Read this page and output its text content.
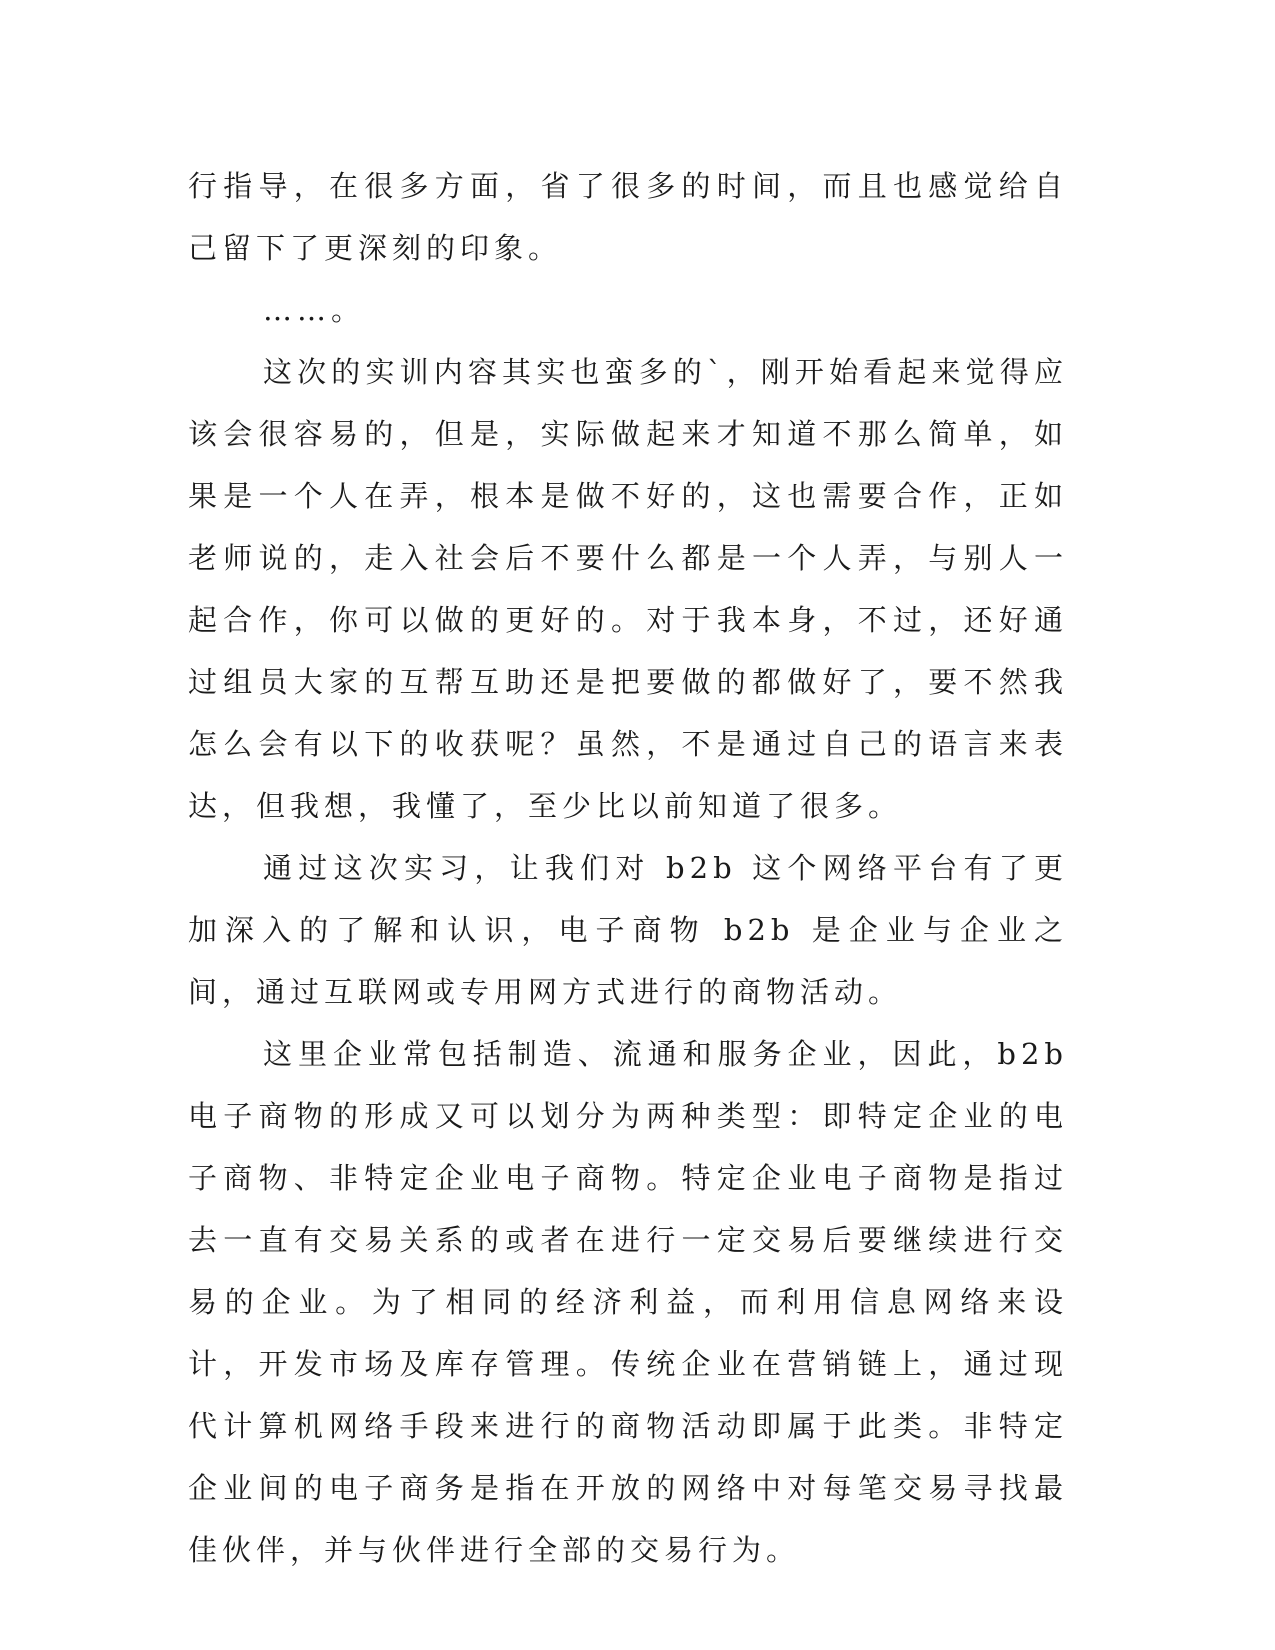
行指导，在很多方面，省了很多的时间，而且也感觉给自己留下了更深刻的印象。

……。

这次的实训内容其实也蛮多的`，刚开始看起来觉得应该会很容易的，但是，实际做起来才知道不那么简单，如果是一个人在弄，根本是做不好的，这也需要合作，正如老师说的，走入社会后不要什么都是一个人弄，与别人一起合作，你可以做的更好的。对于我本身，不过，还好通过组员大家的互帮互助还是把要做的都做好了，要不然我怎么会有以下的收获呢？虽然，不是通过自己的语言来表达，但我想，我懂了，至少比以前知道了很多。

通过这次实习，让我们对 b2b 这个网络平台有了更加深入的了解和认识，电子商物 b2b 是企业与企业之间，通过互联网或专用网方式进行的商物活动。

这里企业常包括制造、流通和服务企业，因此，b2b 电子商物的形成又可以划分为两种类型：即特定企业的电子商物、非特定企业电子商物。特定企业电子商物是指过去一直有交易关系的或者在进行一定交易后要继续进行交易的企业。为了相同的经济利益，而利用信息网络来设计，开发市场及库存管理。传统企业在营销链上，通过现代计算机网络手段来进行的商物活动即属于此类。非特定企业间的电子商务是指在开放的网络中对每笔交易寻找最佳伙伴，并与伙伴进行全部的交易行为。
